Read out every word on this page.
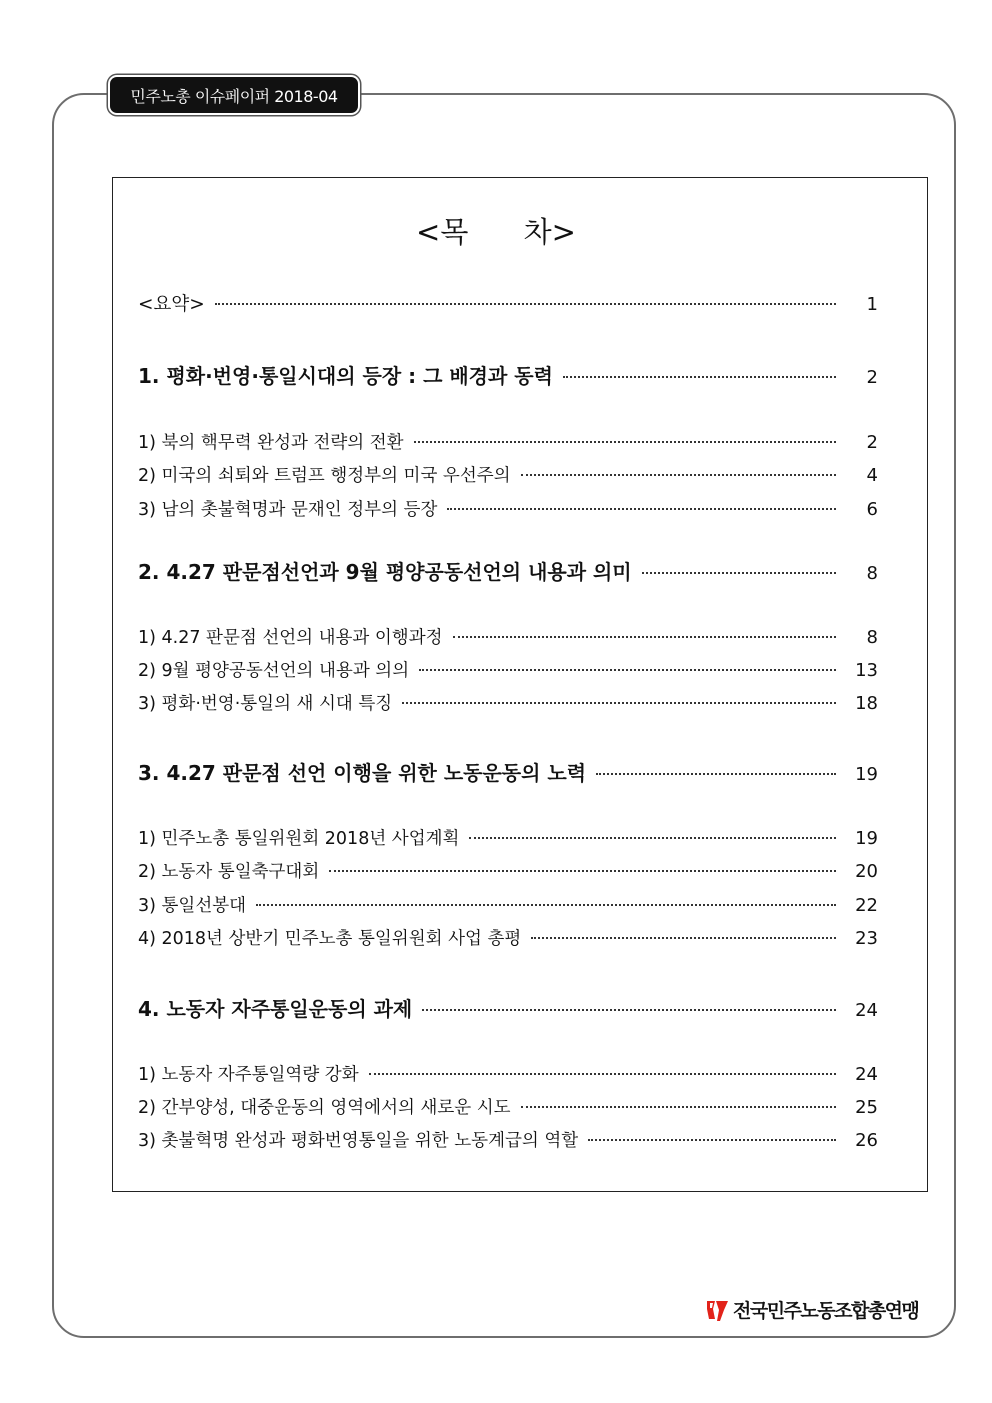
민주노총 이슈페이퍼 2018-04
<목 차>
<요약>	1
1. 평화·번영·통일시대의 등장 : 그 배경과 동력	2
1) 북의 핵무력 완성과 전략의 전환	2
2) 미국의 쇠퇴와 트럼프 행정부의 미국 우선주의	4
3) 남의 촛불혁명과 문재인 정부의 등장	6
2. 4.27 판문점선언과 9월 평양공동선언의 내용과 의미	8
1) 4.27 판문점 선언의 내용과 이행과정	8
2) 9월 평양공동선언의 내용과 의의	13
3) 평화·번영·통일의 새 시대 특징	18
3. 4.27 판문점 선언 이행을 위한 노동운동의 노력	19
1) 민주노총 통일위원회 2018년 사업계획	19
2) 노동자 통일축구대회	20
3) 통일선봉대	22
4) 2018년 상반기 민주노총 통일위원회 사업 총평	23
4. 노동자 자주통일운동의 과제	24
1) 노동자 자주통일역량 강화	24
2) 간부양성, 대중운동의 영역에서의 새로운 시도	25
3) 촛불혁명 완성과 평화번영통일을 위한 노동계급의 역할	26
전국민주노동조합총연맹
